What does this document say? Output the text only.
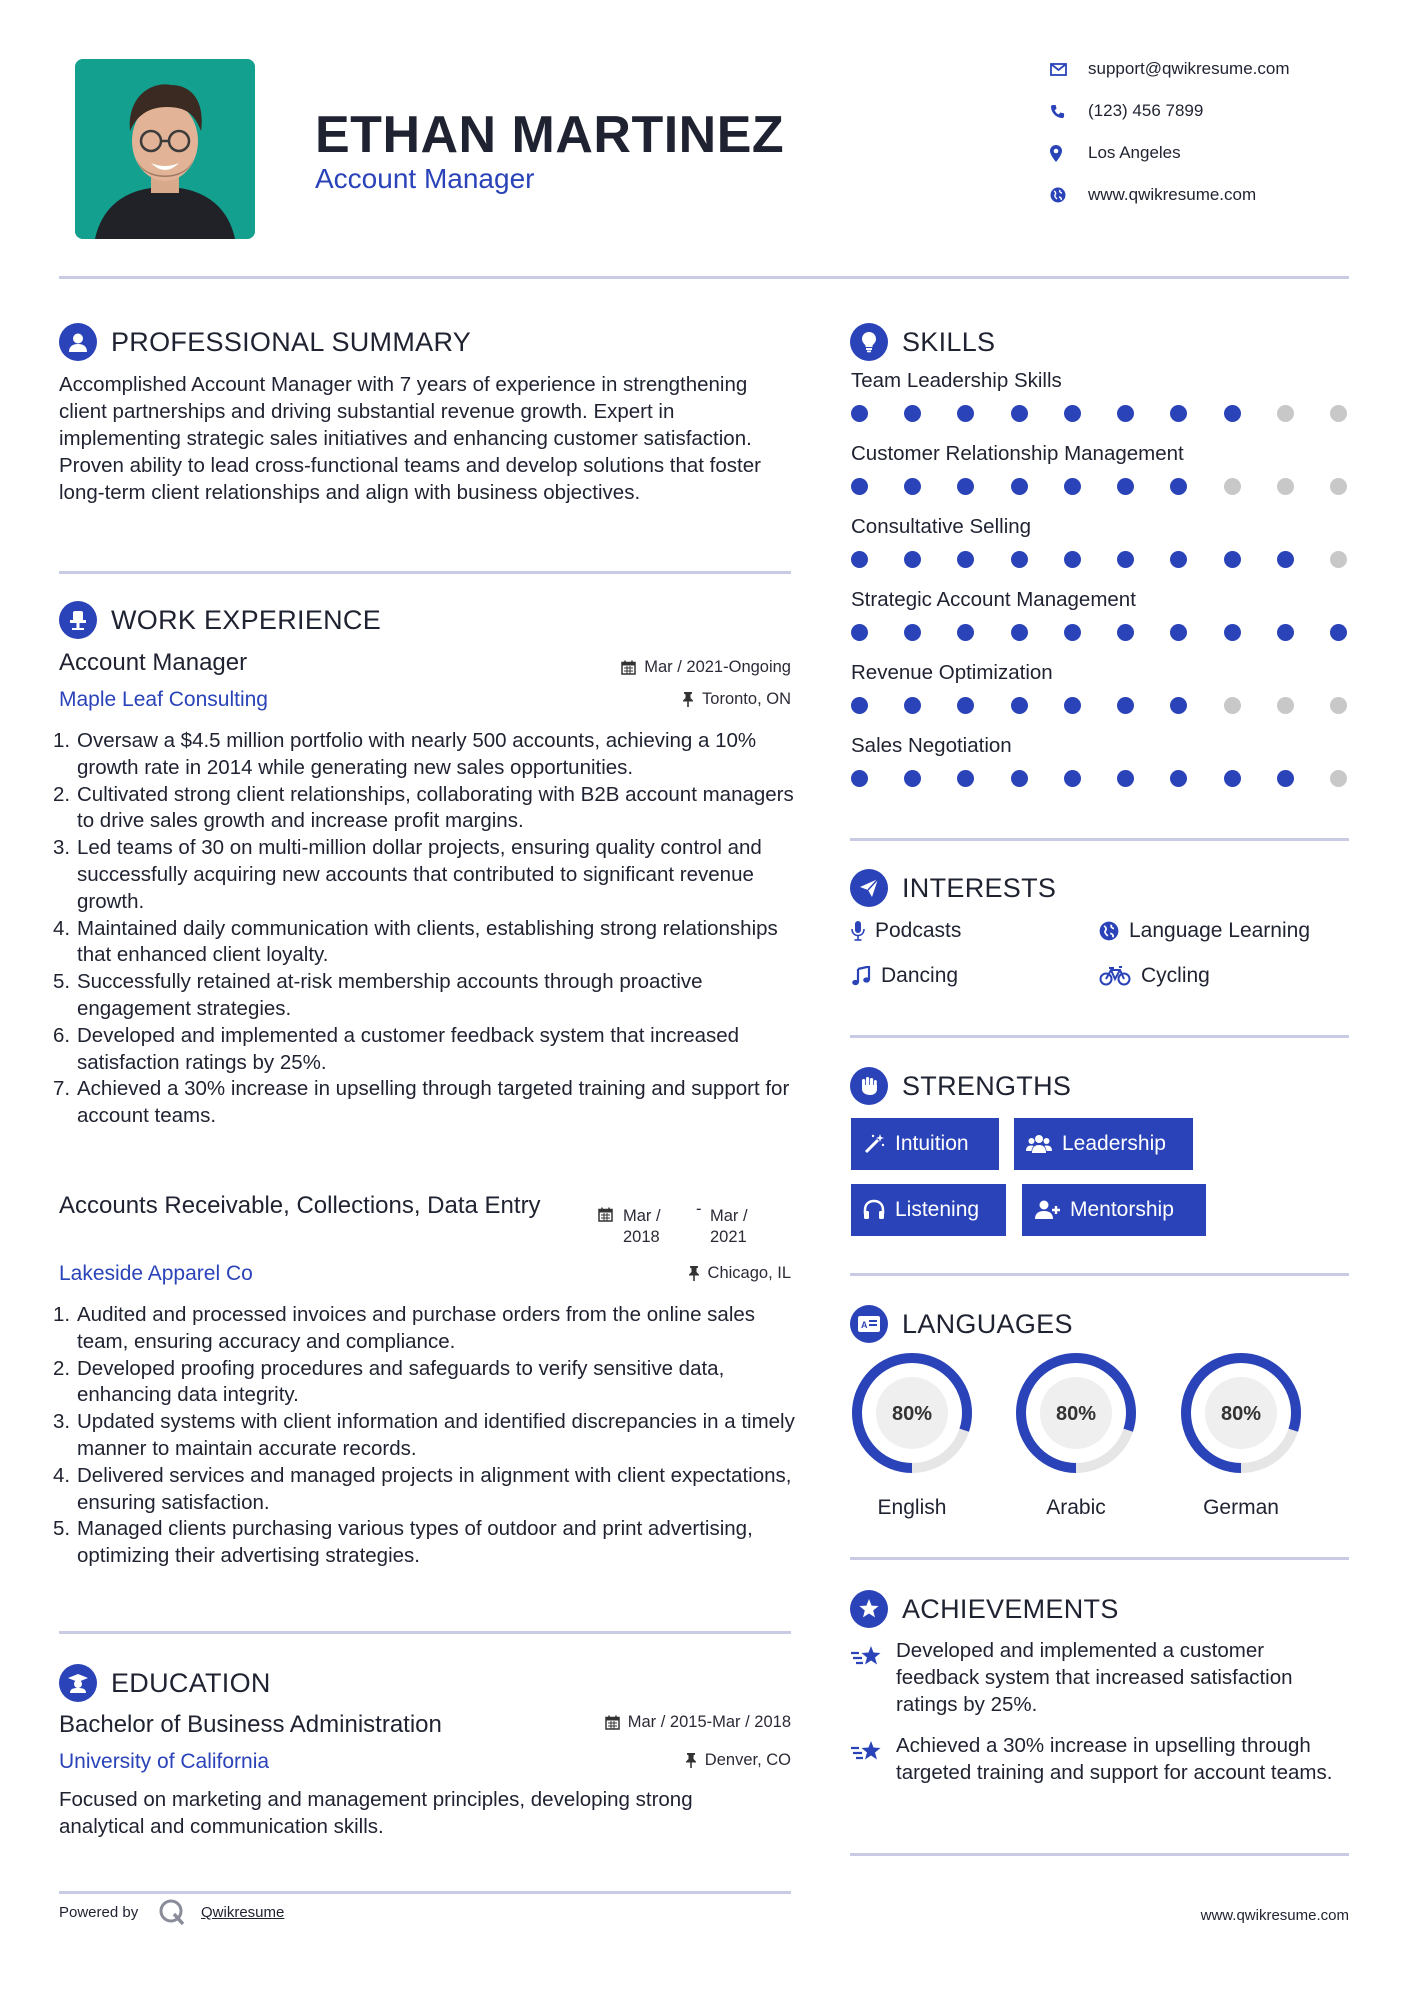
ETHAN MARTINEZ
Account Manager
support@qwikresume.com
(123) 456 7899
Los Angeles
www.qwikresume.com
PROFESSIONAL SUMMARY
Accomplished Account Manager with 7 years of experience in strengthening client partnerships and driving substantial revenue growth. Expert in implementing strategic sales initiatives and enhancing customer satisfaction. Proven ability to lead cross-functional teams and develop solutions that foster long-term client relationships and align with business objectives.
WORK EXPERIENCE
Account Manager
Maple Leaf Consulting
Mar / 2021-Ongoing
Toronto, ON
1. Oversaw a $4.5 million portfolio with nearly 500 accounts, achieving a 10% growth rate in 2014 while generating new sales opportunities.
2. Cultivated strong client relationships, collaborating with B2B account managers to drive sales growth and increase profit margins.
3. Led teams of 30 on multi-million dollar projects, ensuring quality control and successfully acquiring new accounts that contributed to significant revenue growth.
4. Maintained daily communication with clients, establishing strong relationships that enhanced client loyalty.
5. Successfully retained at-risk membership accounts through proactive engagement strategies.
6. Developed and implemented a customer feedback system that increased satisfaction ratings by 25%.
7. Achieved a 30% increase in upselling through targeted training and support for account teams.
Accounts Receivable, Collections, Data Entry
Lakeside Apparel Co
Mar / 2018
- Mar / 2021
Chicago, IL
1. Audited and processed invoices and purchase orders from the online sales team, ensuring accuracy and compliance.
2. Developed proofing procedures and safeguards to verify sensitive data, enhancing data integrity.
3. Updated systems with client information and identified discrepancies in a timely manner to maintain accurate records.
4. Delivered services and managed projects in alignment with client expectations, ensuring satisfaction.
5. Managed clients purchasing various types of outdoor and print advertising, optimizing their advertising strategies.
EDUCATION
Bachelor of Business Administration
University of California
Mar / 2015-Mar / 2018
Denver, CO
Focused on marketing and management principles, developing strong analytical and communication skills.
Powered by	Qwikresume	www.qwikresume.com
SKILLS
Team Leadership Skills
Customer Relationship Management
Consultative Selling
Strategic Account Management
Revenue Optimization
Sales Negotiation
INTERESTS
Podcasts	Language Learning
Dancing	Cycling
STRENGTHS
Intuition	Leadership
Listening	Mentorship
A LANGUAGES
80%
English
80%
Arabic
80%
German
ACHIEVEMENTS
Developed and implemented a customer feedback system that increased satisfaction ratings by 25%.
Achieved a 30% increase in upselling through targeted training and support for account teams.
